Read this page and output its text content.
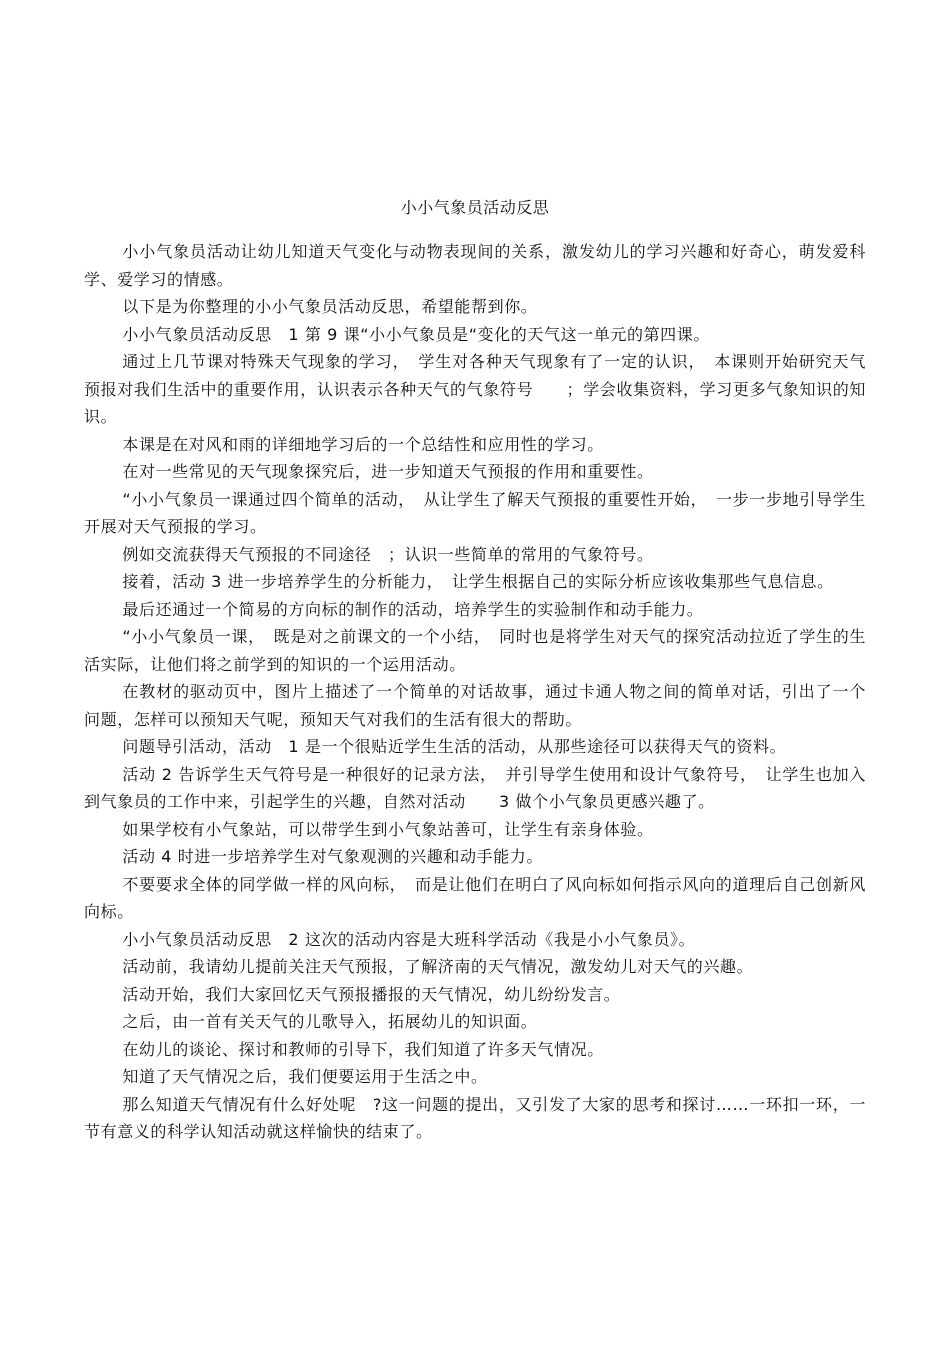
小小气象员活动反思

小小气象员活动让幼儿知道天气变化与动物表现间的关系，激发幼儿的学习兴趣和好奇心，萌发爱科学、爱学习的情感。

以下是为你整理的小小气象员活动反思，希望能帮到你。

小小气象员活动反思　1 第 9 课“小小气象员是“变化的天气这一单元的第四课。

通过上几节课对特殊天气现象的学习，　学生对各种天气现象有了一定的认识，　本课则开始研究天气预报对我们生活中的重要作用，认识表示各种天气的气象符号　　；学会收集资料，学习更多气象知识的知识。

本课是在对风和雨的详细地学习后的一个总结性和应用性的学习。

在对一些常见的天气现象探究后，进一步知道天气预报的作用和重要性。

“小小气象员一课通过四个简单的活动，　从让学生了解天气预报的重要性开始，　一步一步地引导学生开展对天气预报的学习。

例如交流获得天气预报的不同途径　；认识一些简单的常用的气象符号。

接着，活动 3 进一步培养学生的分析能力，　让学生根据自己的实际分析应该收集那些气息信息。

最后还通过一个简易的方向标的制作的活动，培养学生的实验制作和动手能力。

“小小气象员一课，　既是对之前课文的一个小结，　同时也是将学生对天气的探究活动拉近了学生的生活实际，让他们将之前学到的知识的一个运用活动。

在教材的驱动页中，图片上描述了一个简单的对话故事，通过卡通人物之间的简单对话，引出了一个问题，怎样可以预知天气呢，预知天气对我们的生活有很大的帮助。

问题导引活动，活动　1 是一个很贴近学生生活的活动，从那些途径可以获得天气的资料。

活动 2 告诉学生天气符号是一种很好的记录方法，　并引导学生使用和设计气象符号，　让学生也加入到气象员的工作中来，引起学生的兴趣，自然对活动　　3 做个小气象员更感兴趣了。

如果学校有小气象站，可以带学生到小气象站善可，让学生有亲身体验。

活动 4 时进一步培养学生对气象观测的兴趣和动手能力。

不要要求全体的同学做一样的风向标，　而是让他们在明白了风向标如何指示风向的道理后自己创新风向标。

小小气象员活动反思　2 这次的活动内容是大班科学活动《我是小小气象员》。

活动前，我请幼儿提前关注天气预报，了解济南的天气情况，激发幼儿对天气的兴趣。

活动开始，我们大家回忆天气预报播报的天气情况，幼儿纷纷发言。

之后，由一首有关天气的儿歌导入，拓展幼儿的知识面。

在幼儿的谈论、探讨和教师的引导下，我们知道了许多天气情况。

知道了天气情况之后，我们便要运用于生活之中。

那么知道天气情况有什么好处呢　?这一问题的提出，又引发了大家的思考和探讨……一环扣一环，一节有意义的科学认知活动就这样愉快的结束了。
